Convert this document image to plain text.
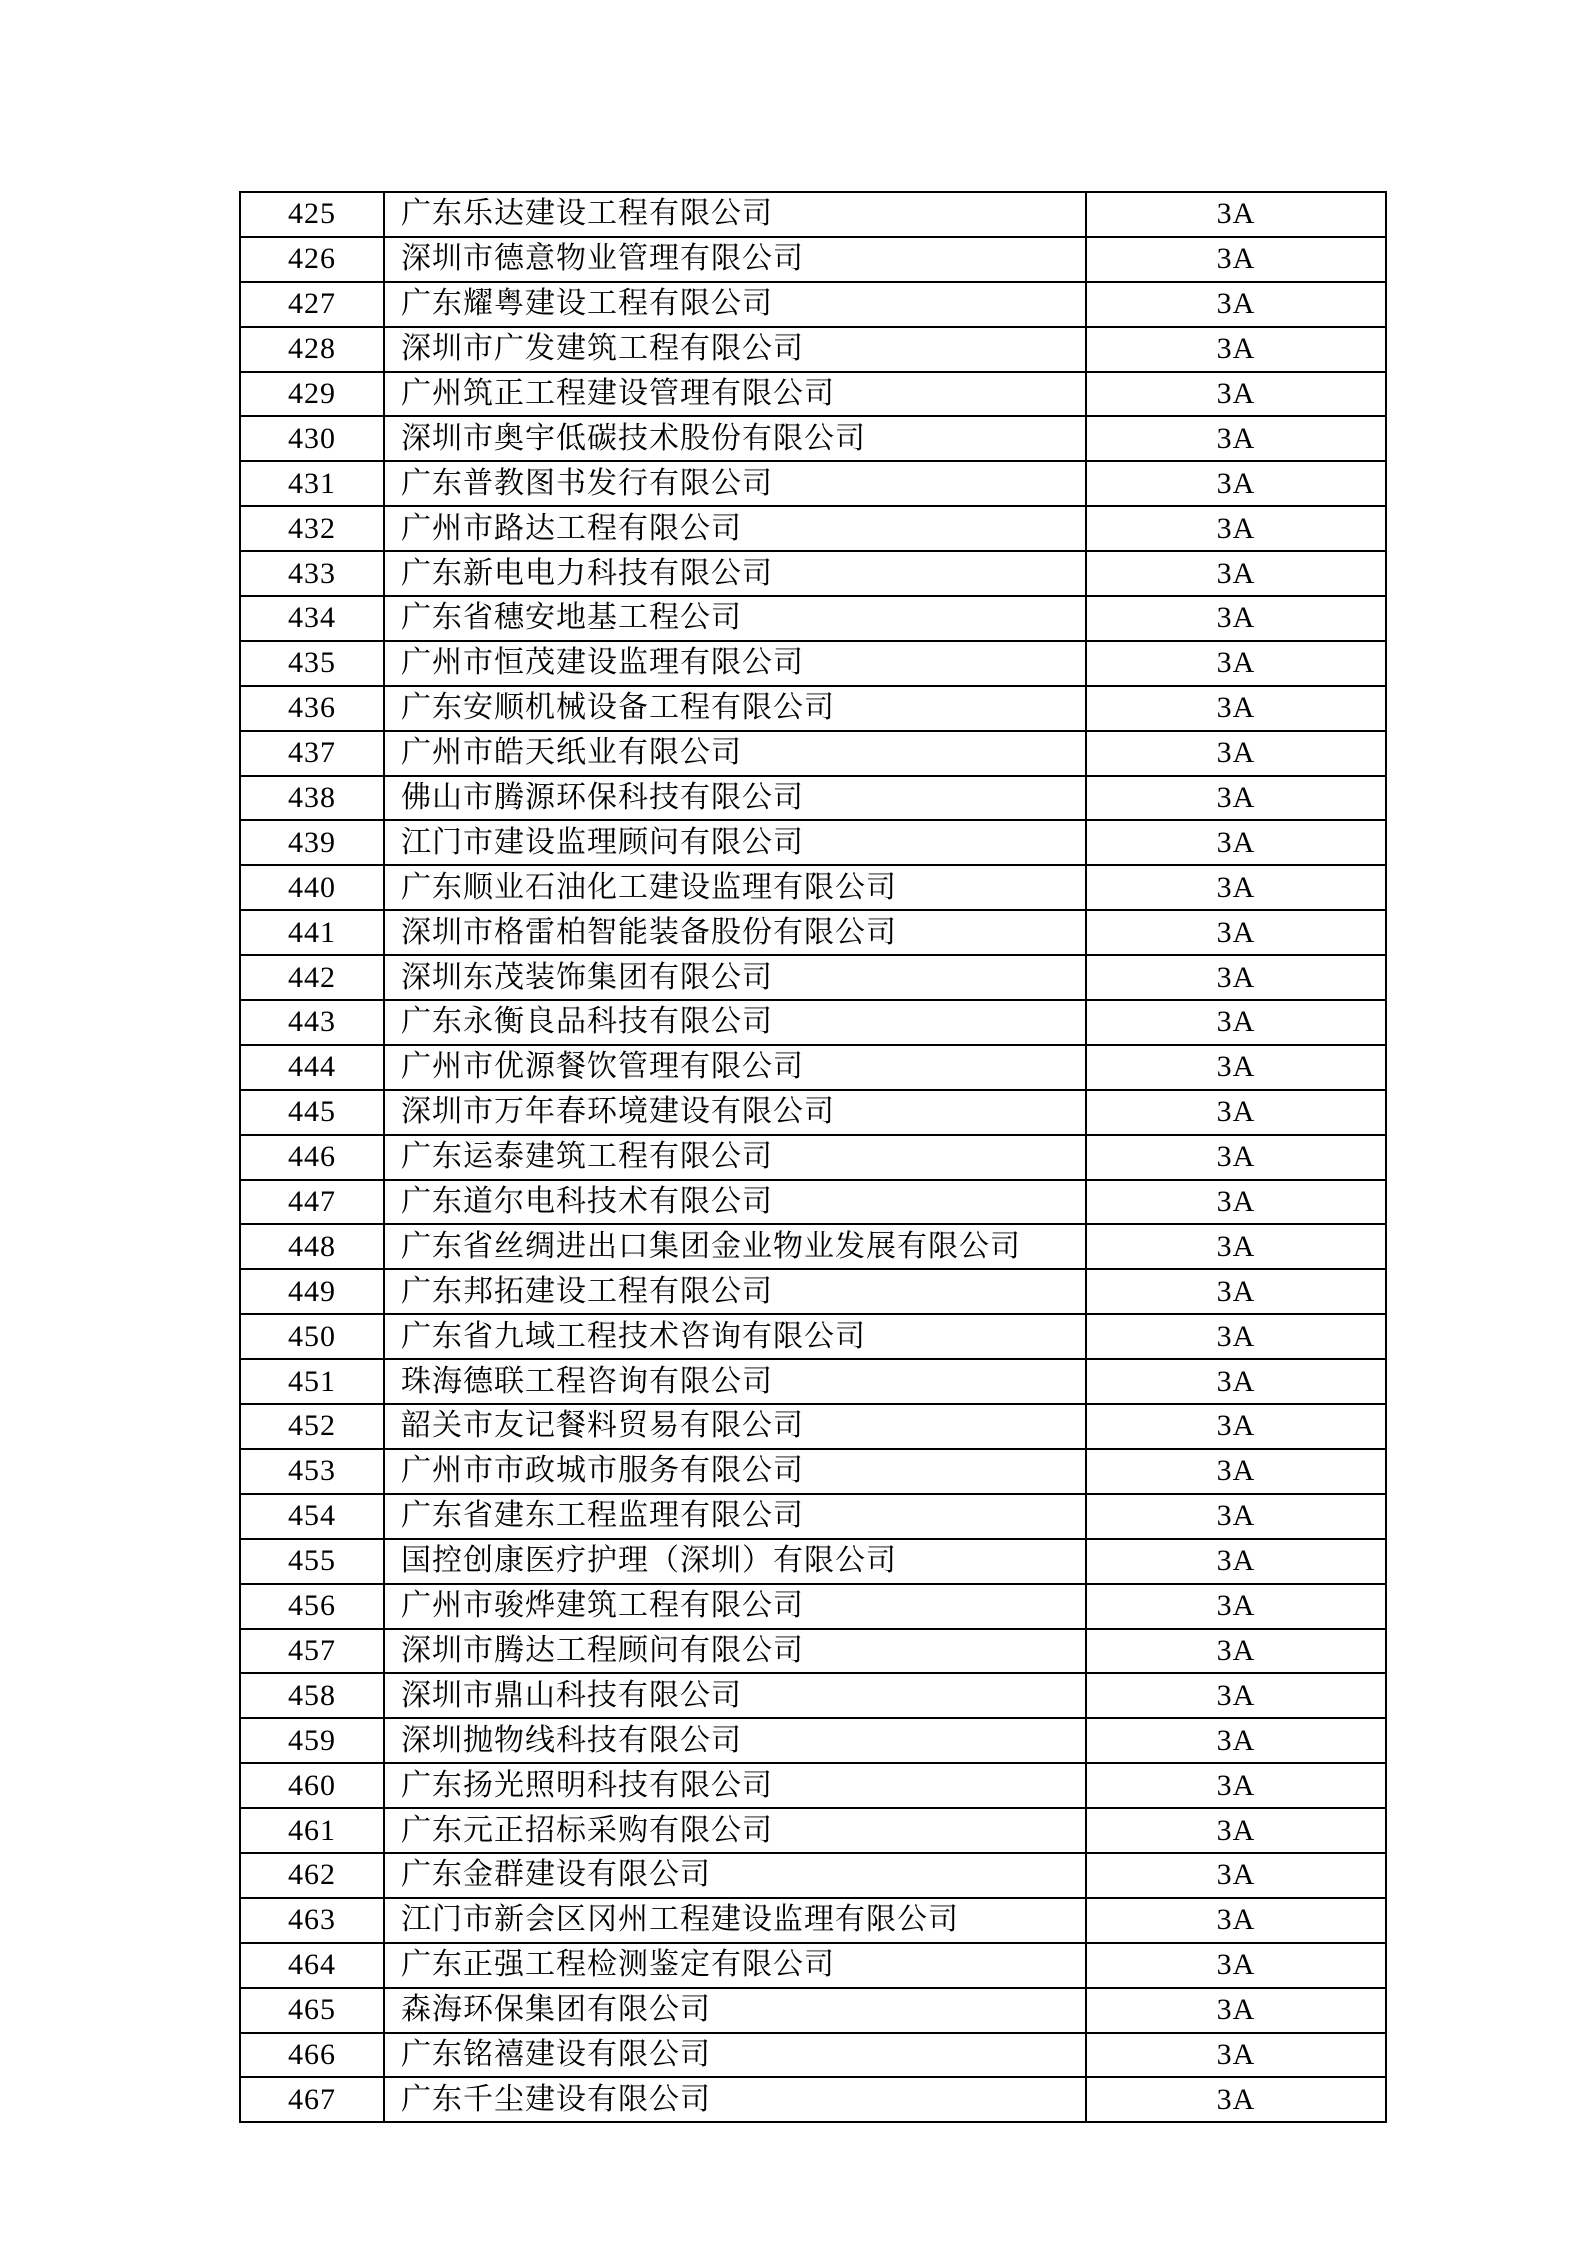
425	广东乐达建设工程有限公司	3A
426	深圳市德意物业管理有限公司	3A
427	广东耀粤建设工程有限公司	3A
428	深圳市广发建筑工程有限公司	3A
429	广州筑正工程建设管理有限公司	3A
430	深圳市奥宇低碳技术股份有限公司	3A
431	广东普教图书发行有限公司	3A
432	广州市路达工程有限公司	3A
433	广东新电电力科技有限公司	3A
434	广东省穗安地基工程公司	3A
435	广州市恒茂建设监理有限公司	3A
436	广东安顺机械设备工程有限公司	3A
437	广州市皓天纸业有限公司	3A
438	佛山市腾源环保科技有限公司	3A
439	江门市建设监理顾问有限公司	3A
440	广东顺业石油化工建设监理有限公司	3A
441	深圳市格雷柏智能装备股份有限公司	3A
442	深圳东茂装饰集团有限公司	3A
443	广东永衡良品科技有限公司	3A
444	广州市优源餐饮管理有限公司	3A
445	深圳市万年春环境建设有限公司	3A
446	广东运泰建筑工程有限公司	3A
447	广东道尔电科技术有限公司	3A
448	广东省丝绸进出口集团金业物业发展有限公司	3A
449	广东邦拓建设工程有限公司	3A
450	广东省九域工程技术咨询有限公司	3A
451	珠海德联工程咨询有限公司	3A
452	韶关市友记餐料贸易有限公司	3A
453	广州市市政城市服务有限公司	3A
454	广东省建东工程监理有限公司	3A
455	国控创康医疗护理（深圳）有限公司	3A
456	广州市骏烨建筑工程有限公司	3A
457	深圳市腾达工程顾问有限公司	3A
458	深圳市鼎山科技有限公司	3A
459	深圳抛物线科技有限公司	3A
460	广东扬光照明科技有限公司	3A
461	广东元正招标采购有限公司	3A
462	广东金群建设有限公司	3A
463	江门市新会区冈州工程建设监理有限公司	3A
464	广东正强工程检测鉴定有限公司	3A
465	森海环保集团有限公司	3A
466	广东铭禧建设有限公司	3A
467	广东千尘建设有限公司	3A
